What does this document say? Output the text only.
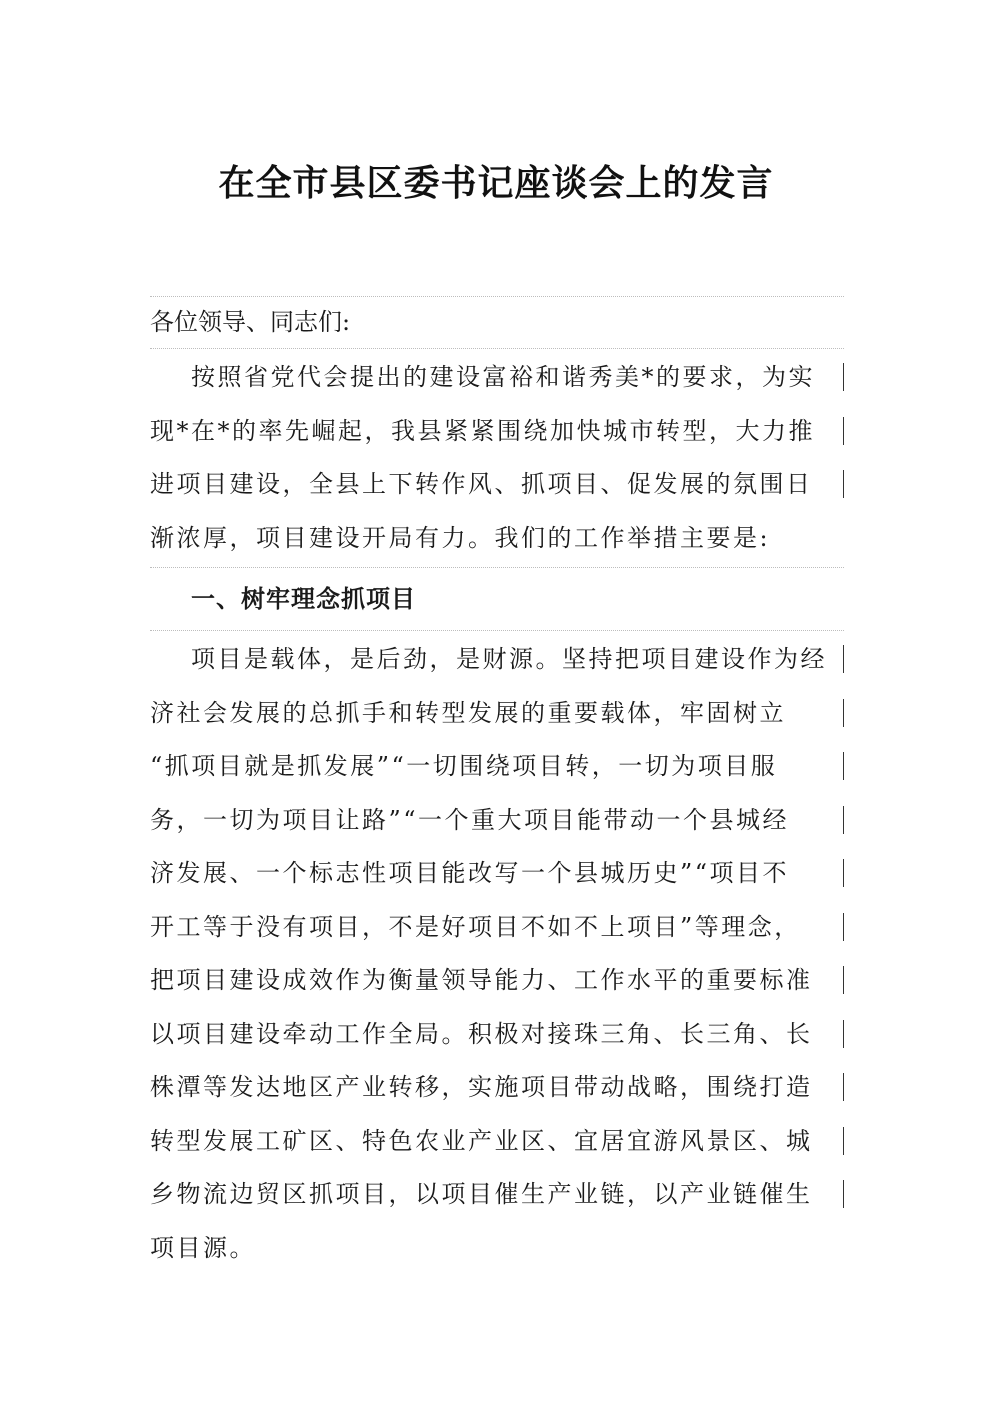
在全市县区委书记座谈会上的发言
各位领导、同志们:
按照省党代会提出的建设富裕和谐秀美*的要求，为实
现*在*的率先崛起，我县紧紧围绕加快城市转型，大力推
进项目建设，全县上下转作风、抓项目、促发展的氛围日
渐浓厚，项目建设开局有力。我们的工作举措主要是:
一、树牢理念抓项目
项目是载体，是后劲，是财源。坚持把项目建设作为经
济社会发展的总抓手和转型发展的重要载体，牢固树立
“抓项目就是抓发展”“一切围绕项目转，一切为项目服
务，一切为项目让路”“一个重大项目能带动一个县城经
济发展、一个标志性项目能改写一个县城历史”“项目不
开工等于没有项目，不是好项目不如不上项目”等理念，
把项目建设成效作为衡量领导能力、工作水平的重要标准
以项目建设牵动工作全局。积极对接珠三角、长三角、长
株潭等发达地区产业转移，实施项目带动战略，围绕打造
转型发展工矿区、特色农业产业区、宜居宜游风景区、城
乡物流边贸区抓项目，以项目催生产业链，以产业链催生
项目源。
